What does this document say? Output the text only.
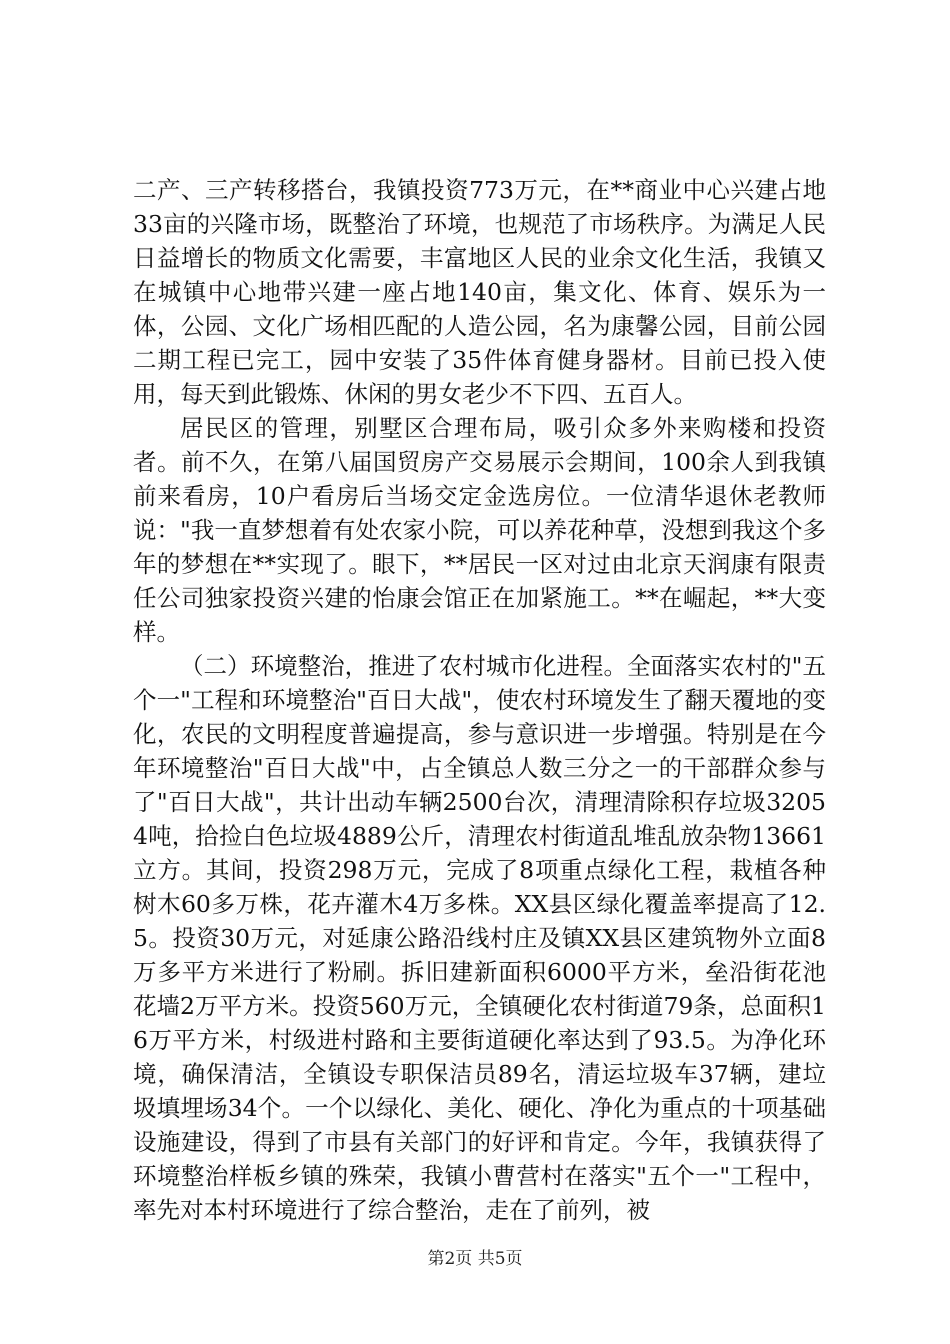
二产、三产转移搭台，我镇投资773万元，在**商业中心兴建占地33亩的兴隆市场，既整治了环境，也规范了市场秩序。为满足人民日益增长的物质文化需要，丰富地区人民的业余文化生活，我镇又在城镇中心地带兴建一座占地140亩，集文化、体育、娱乐为一体，公园、文化广场相匹配的人造公园，名为康馨公园，目前公园二期工程已完工，园中安装了35件体育健身器材。目前已投入使用，每天到此锻炼、休闲的男女老少不下四、五百人。

居民区的管理，别墅区合理布局，吸引众多外来购楼和投资者。前不久，在第八届国贸房产交易展示会期间，100余人到我镇前来看房，10户看房后当场交定金选房位。一位清华退休老教师说："我一直梦想着有处农家小院，可以养花种草，没想到我这个多年的梦想在**实现了。眼下，**居民一区对过由北京天润康有限责任公司独家投资兴建的怡康会馆正在加紧施工。**在崛起，**大变样。

（二）环境整治，推进了农村城市化进程。全面落实农村的"五个一"工程和环境整治"百日大战"，使农村环境发生了翻天覆地的变化，农民的文明程度普遍提高，参与意识进一步增强。特别是在今年环境整治"百日大战"中，占全镇总人数三分之一的干部群众参与了"百日大战"，共计出动车辆2500台次，清理清除积存垃圾32054吨，拾捡白色垃圾4889公斤，清理农村街道乱堆乱放杂物13661立方。其间，投资298万元，完成了8项重点绿化工程，栽植各种树木60多万株，花卉灌木4万多株。XX县区绿化覆盖率提高了12.5。投资30万元，对延康公路沿线村庄及镇XX县区建筑物外立面8万多平方米进行了粉刷。拆旧建新面积6000平方米，垒沿街花池花墙2万平方米。投资560万元，全镇硬化农村街道79条，总面积16万平方米，村级进村路和主要街道硬化率达到了93.5。为净化环境，确保清洁，全镇设专职保洁员89名，清运垃圾车37辆，建垃圾填埋场34个。一个以绿化、美化、硬化、净化为重点的十项基础设施建设，得到了市县有关部门的好评和肯定。今年，我镇获得了环境整治样板乡镇的殊荣，我镇小曹营村在落实"五个一"工程中，率先对本村环境进行了综合整治，走在了前列，被

第2页 共5页
